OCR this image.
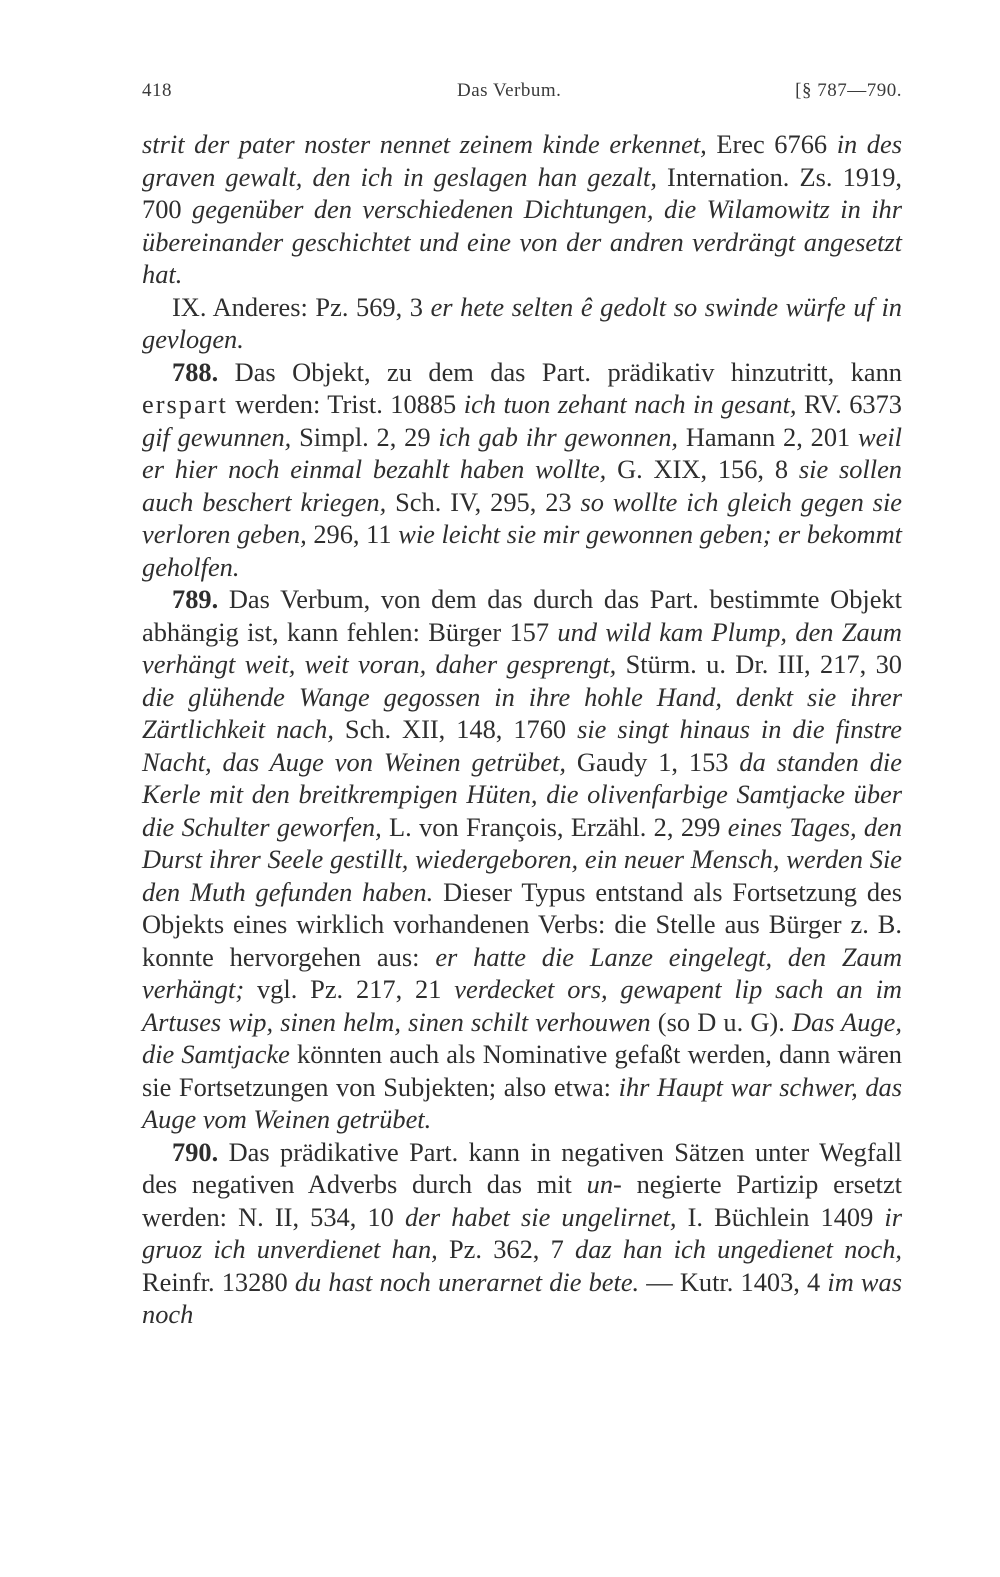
418	Das Verbum.	[§ 787—790.

strit der pater noster nennet zeinem kinde erkennet, Erec 6766 in des graven gewalt, den ich in geslagen han gezalt, Internation. Zs. 1919, 700 gegenüber den verschiedenen Dichtungen, die Wilamowitz in ihr übereinander geschichtet und eine von der andren verdrängt angesetzt hat.

IX. Anderes: Pz. 569, 3 er hete selten ê gedolt so swinde würfe uf in gevlogen.

788. Das Objekt, zu dem das Part. prädikativ hinzutritt, kann erspart werden: Trist. 10885 ich tuon zehant nach in gesant, RV. 6373 gif gewunnen, Simpl. 2, 29 ich gab ihr gewonnen, Hamann 2, 201 weil er hier noch einmal bezahlt haben wollte, G. XIX, 156, 8 sie sollen auch beschert kriegen, Sch. IV, 295, 23 so wollte ich gleich gegen sie verloren geben, 296, 11 wie leicht sie mir gewonnen geben; er bekommt geholfen.

789. Das Verbum, von dem das durch das Part. bestimmte Objekt abhängig ist, kann fehlen: Bürger 157 und wild kam Plump, den Zaum verhängt weit, weit voran, daher gesprengt, Stürm. u. Dr. III, 217, 30 die glühende Wange gegossen in ihre hohle Hand, denkt sie ihrer Zärtlichkeit nach, Sch. XII, 148, 1760 sie singt hinaus in die finstre Nacht, das Auge von Weinen getrübet, Gaudy 1, 153 da standen die Kerle mit den breitkrempigen Hüten, die olivenfarbige Samtjacke über die Schulter geworfen, L. von François, Erzähl. 2, 299 eines Tages, den Durst ihrer Seele gestillt, wiedergeboren, ein neuer Mensch, werden Sie den Muth gefunden haben. Dieser Typus entstand als Fortsetzung des Objekts eines wirklich vorhandenen Verbs: die Stelle aus Bürger z. B. konnte hervorgehen aus: er hatte die Lanze eingelegt, den Zaum verhängt; vgl. Pz. 217, 21 verdecket ors, gewapent lip sach an im Artuses wip, sinen helm, sinen schilt verhouwen (so D u. G). Das Auge, die Samtjacke könnten auch als Nominative gefaßt werden, dann wären sie Fortsetzungen von Subjekten; also etwa: ihr Haupt war schwer, das Auge vom Weinen getrübet.

790. Das prädikative Part. kann in negativen Sätzen unter Wegfall des negativen Adverbs durch das mit un- negierte Partizip ersetzt werden: N. II, 534, 10 der habet sie ungelirnet, I. Büchlein 1409 ir gruoz ich unverdienet han, Pz. 362, 7 daz han ich ungedienet noch, Reinfr. 13280 du hast noch unerarnet die bete. — Kutr. 1403, 4 im was noch
